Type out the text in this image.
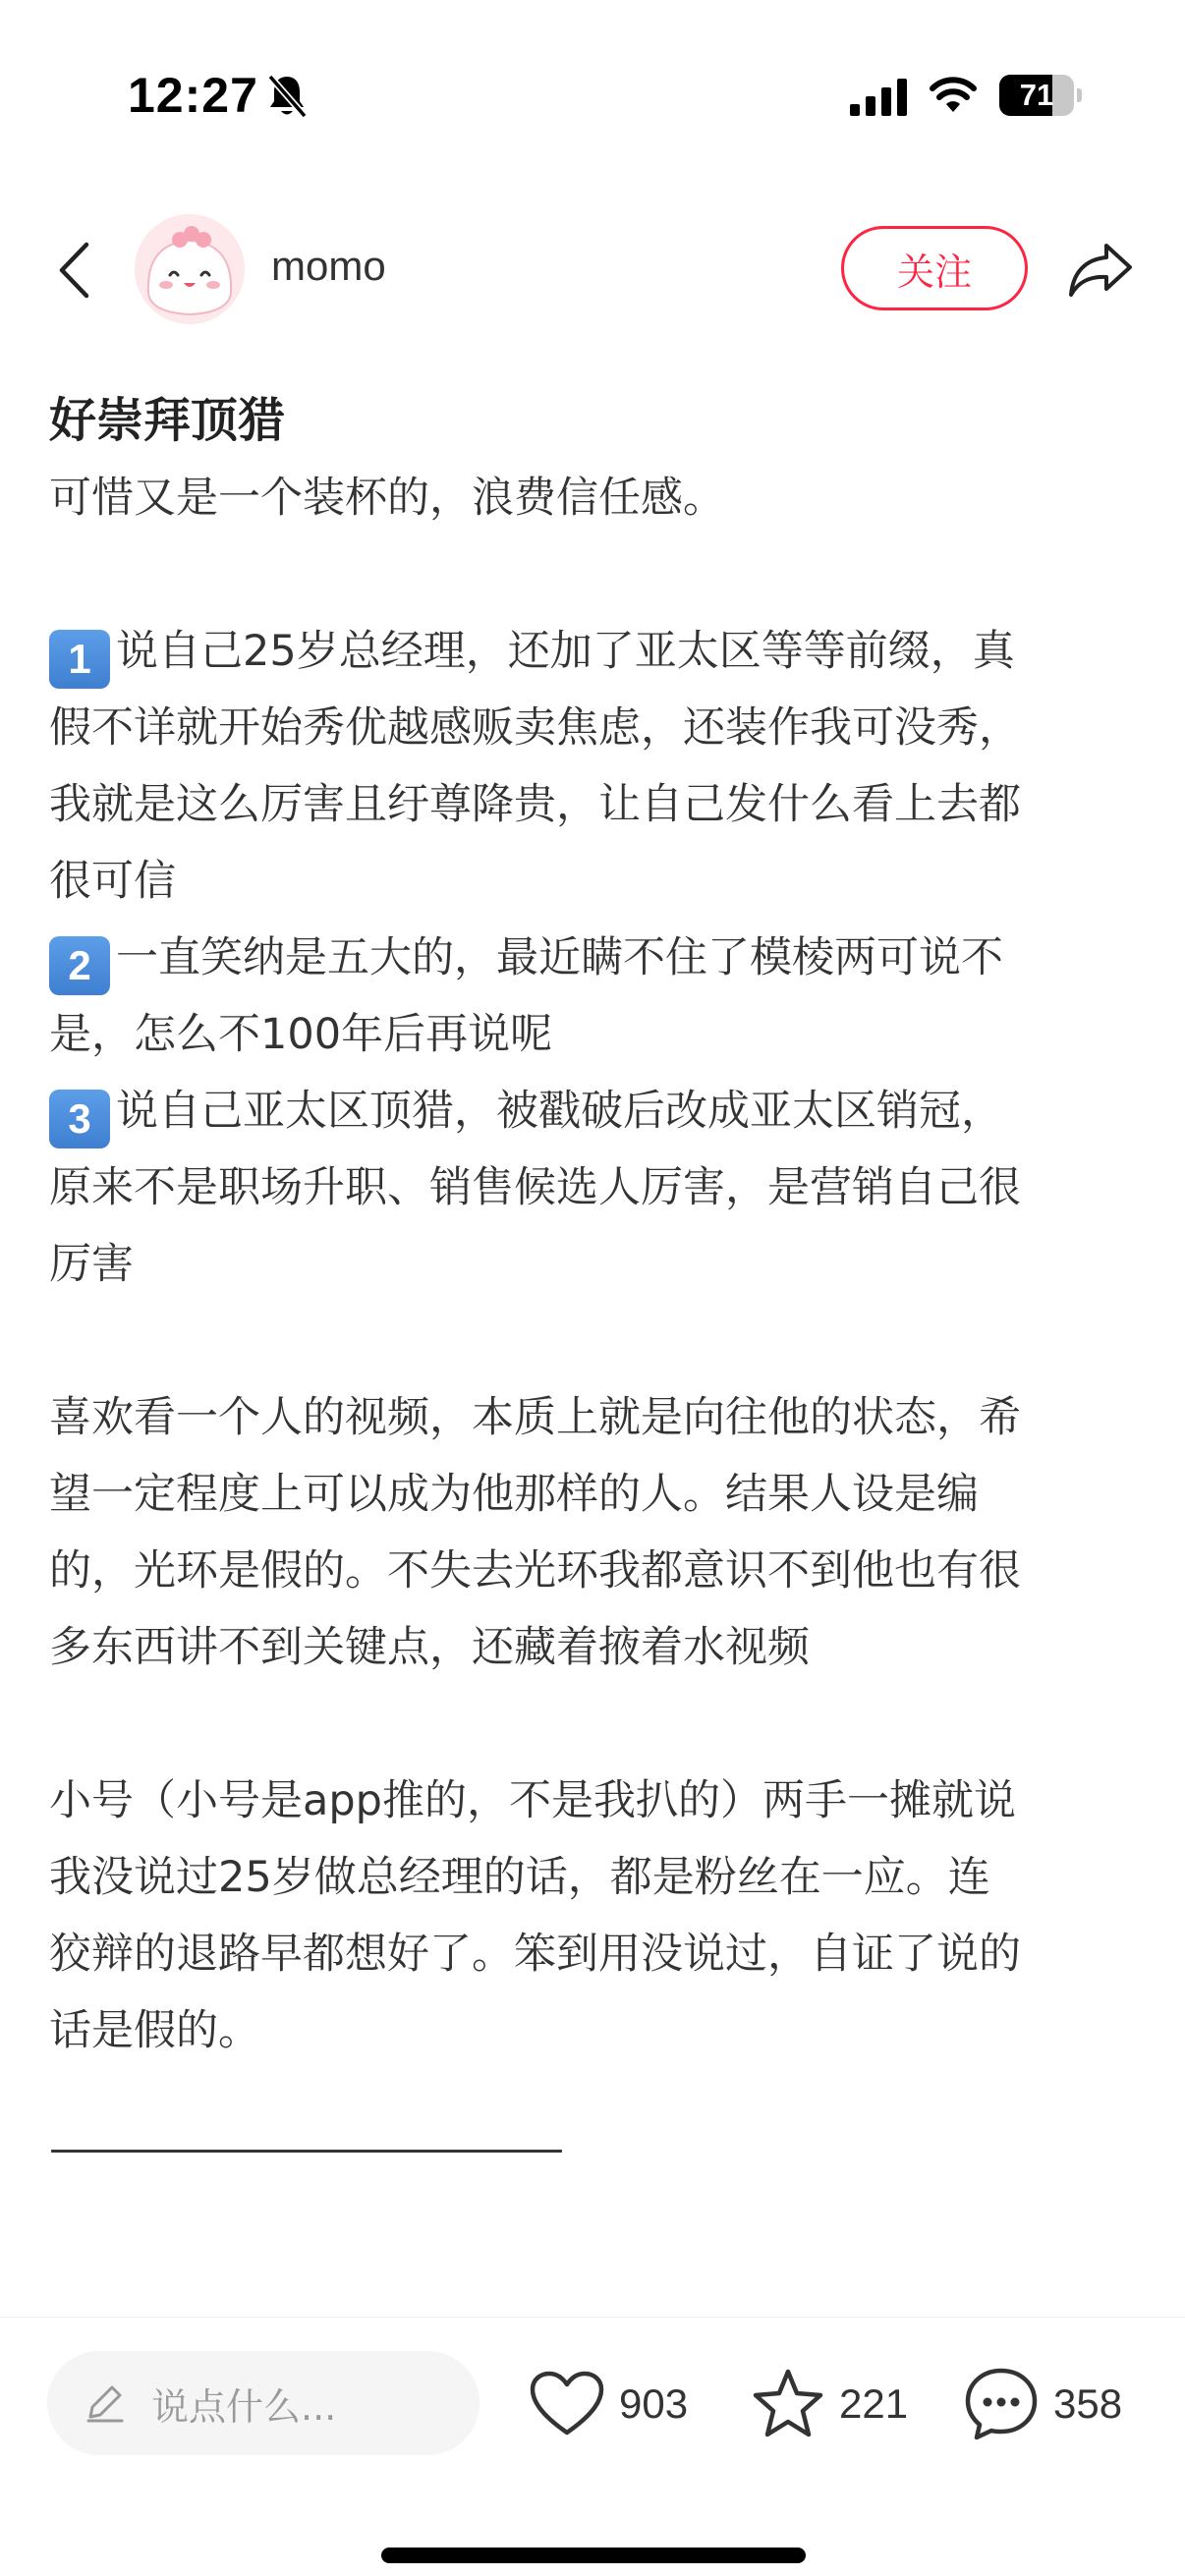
12:27	71
momo	关注
好崇拜顶猎
可惜又是一个装杯的，浪费信任感。
1 说自己25岁总经理，还加了亚太区等等前缀，真
假不详就开始秀优越感贩卖焦虑，还装作我可没秀，
我就是这么厉害且纡尊降贵，让自己发什么看上去都
很可信
2 一直笑纳是五大的，最近瞒不住了模棱两可说不
是，怎么不100年后再说呢
3 说自己亚太区顶猎，被戳破后改成亚太区销冠，
原来不是职场升职、销售候选人厉害，是营销自己很
厉害
喜欢看一个人的视频，本质上就是向往他的状态，希
望一定程度上可以成为他那样的人。结果人设是编
的，光环是假的。不失去光环我都意识不到他也有很
多东西讲不到关键点，还藏着掖着水视频
小号（小号是app推的，不是我扒的）两手一摊就说
我没说过25岁做总经理的话，都是粉丝在一应。连
狡辩的退路早都想好了。笨到用没说过，自证了说的
话是假的。
——————————————
说点什么...	903	221	358
